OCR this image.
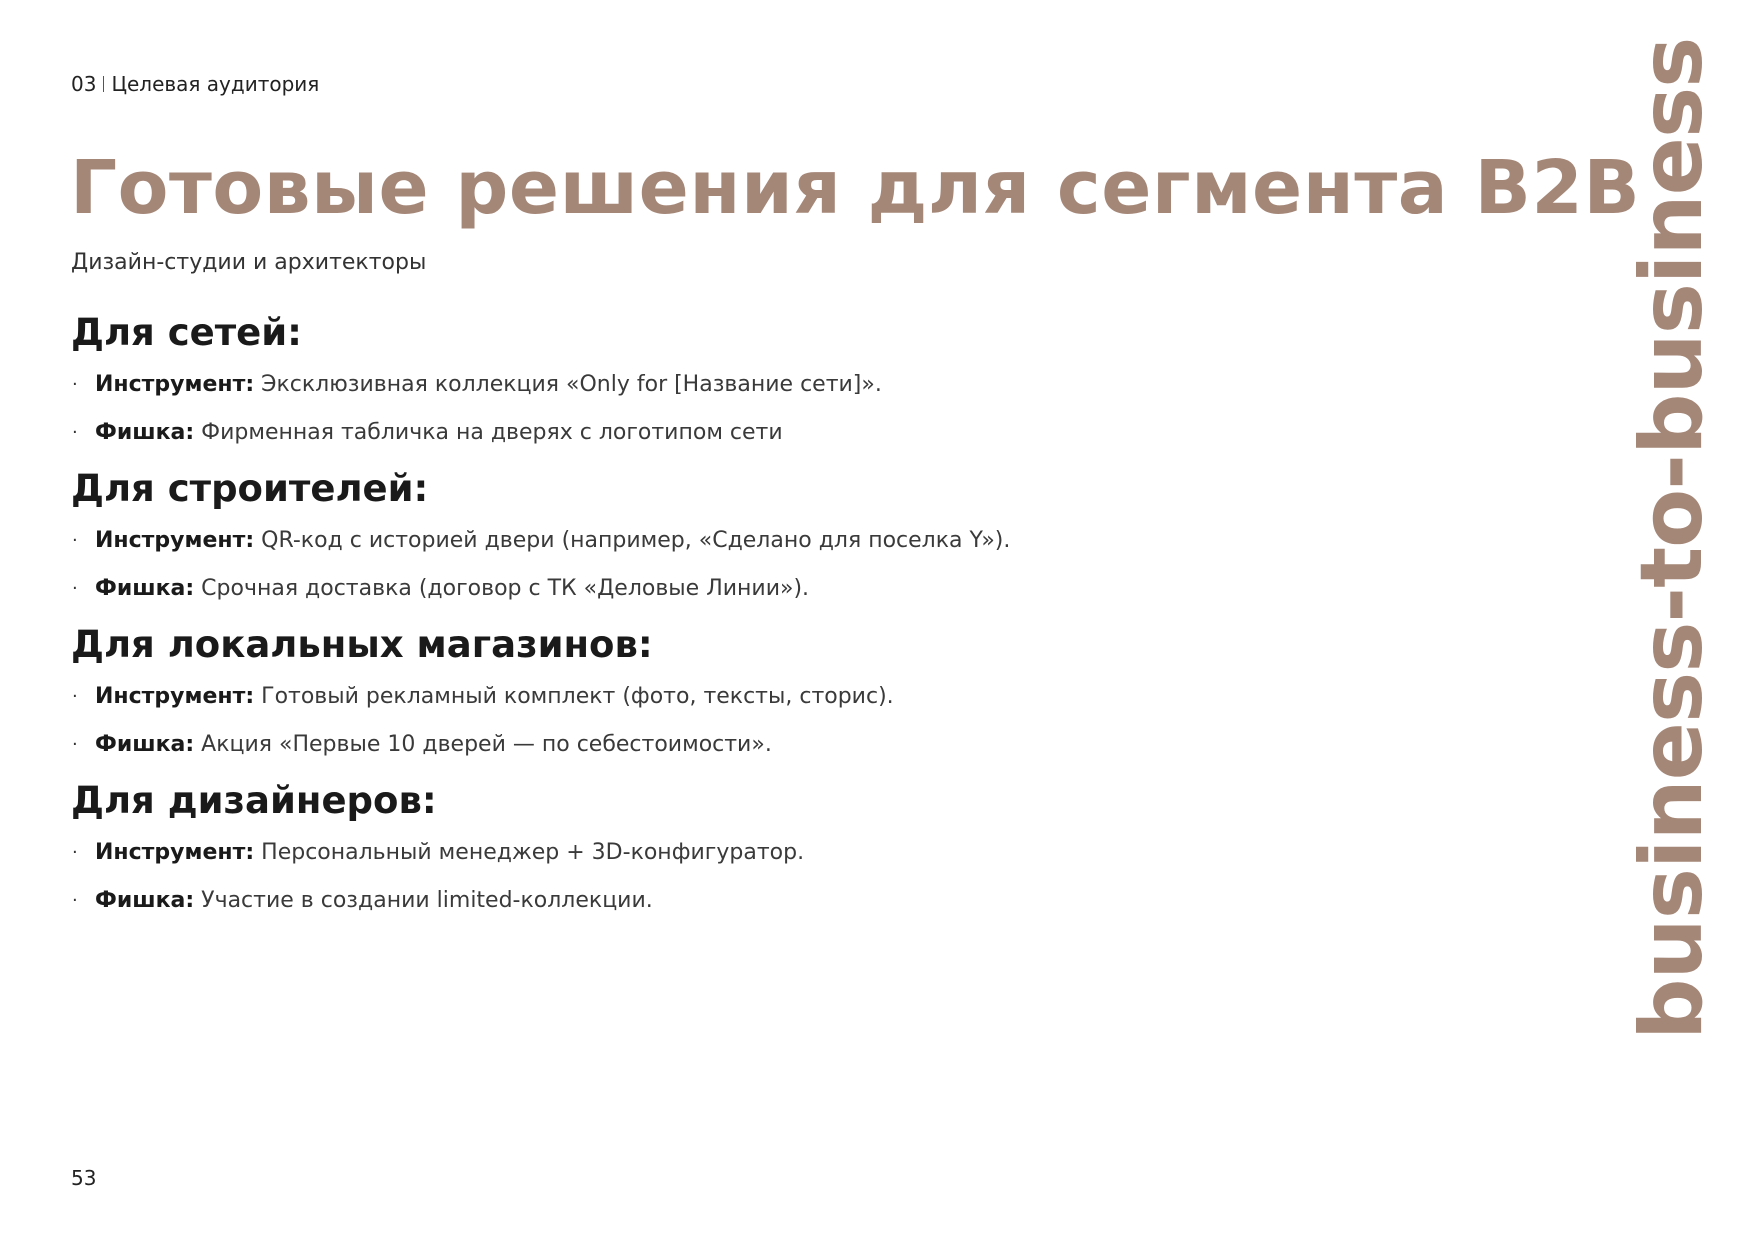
03 Целевая аудитория
Готовые решения для сегмента B2B
Дизайн-студии и архитекторы
Для сетей:
· Инструмент: Эксклюзивная коллекция «Only for [Название сети]».
· Фишка: Фирменная табличка на дверях с логотипом сети
Для строителей:
· Инструмент: QR-код с историей двери (например, «Сделано для поселка Y»).
· Фишка: Срочная доставка (договор с ТК «Деловые Линии»).
Для локальных магазинов:
· Инструмент: Готовый рекламный комплект (фото, тексты, сторис).
· Фишка: Акция «Первые 10 дверей — по себестоимости».
Для дизайнеров:
· Инструмент: Персональный менеджер + 3D-конфигуратор.
· Фишка: Участие в создании limited-коллекции.	business-to-business
53
